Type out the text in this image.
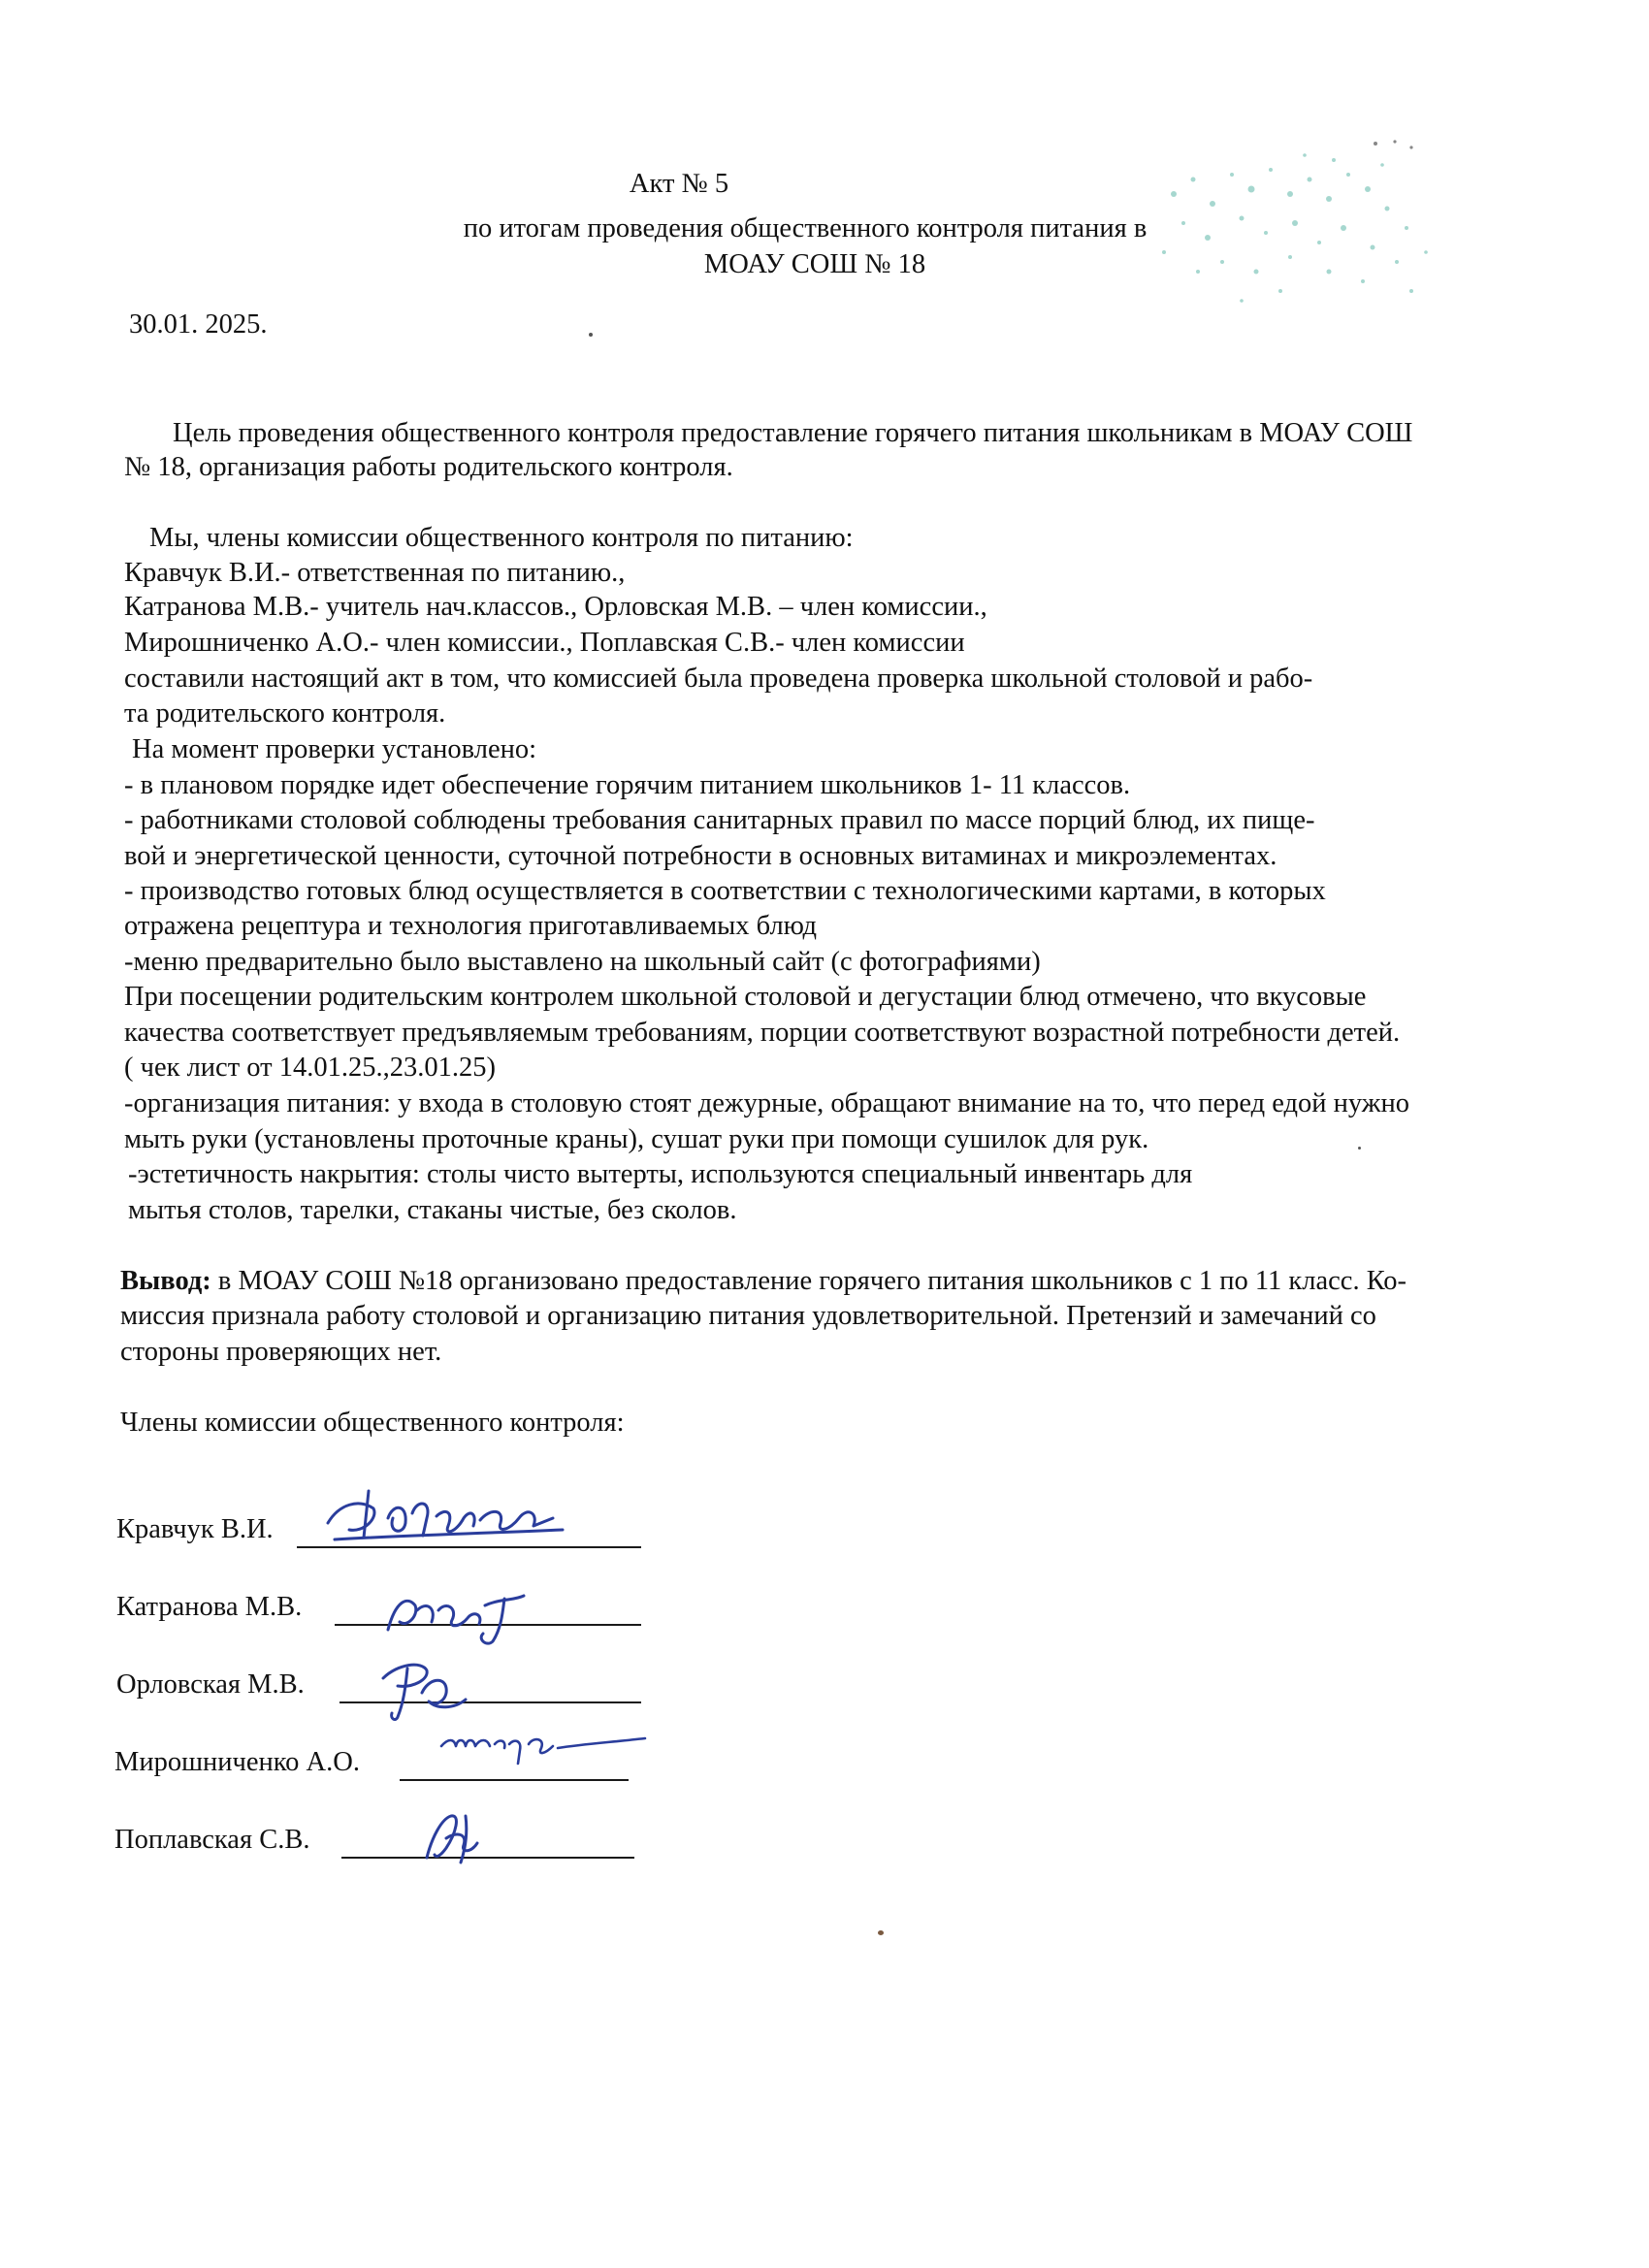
Акт № 5
по итогам проведения общественного контроля питания в
МОАУ СОШ № 18
30.01. 2025.
Цель проведения общественного контроля предоставление горячего питания школьникам в МОАУ СОШ
№ 18, организация работы родительского контроля.
Мы, члены комиссии общественного контроля по питанию:
Кравчук В.И.- ответственная по питанию.,
Катранова М.В.- учитель нач.классов., Орловская М.В. – член комиссии.,
Мирошниченко А.О.- член комиссии., Поплавская С.В.- член комиссии
составили настоящий акт в том, что комиссией была проведена проверка школьной столовой и рабо-
та родительского контроля.
На момент проверки установлено:
- в плановом порядке идет обеспечение горячим питанием школьников 1- 11 классов.
- работниками столовой соблюдены требования санитарных правил по массе порций блюд, их пище-
вой и энергетической ценности, суточной потребности в основных витаминах и микроэлементах.
- производство готовых блюд осуществляется в соответствии с технологическими картами, в которых
отражена рецептура и технология приготавливаемых блюд
-меню предварительно было выставлено на школьный сайт (с фотографиями)
При посещении родительским контролем школьной столовой и дегустации блюд отмечено, что вкусовые
качества соответствует предъявляемым требованиям, порции соответствуют возрастной потребности детей.
( чек лист от 14.01.25.,23.01.25)
-организация питания: у входа в столовую стоят дежурные, обращают внимание на то, что перед едой нужно
мыть руки (установлены проточные краны), сушат руки при помощи сушилок для рук.
-эстетичность накрытия: столы чисто вытерты, используются специальный инвентарь для
мытья столов, тарелки, стаканы чистые, без сколов.
Вывод: в МОАУ СОШ №18 организовано предоставление горячего питания школьников с 1 по 11 класс. Ко-
миссия признала работу столовой и организацию питания удовлетворительной. Претензий и замечаний со
стороны проверяющих нет.
Члены комиссии общественного контроля:
Кравчук В.И.
Катранова М.В.
Орловская М.В.
Мирошниченко А.О.
Поплавская С.В.
